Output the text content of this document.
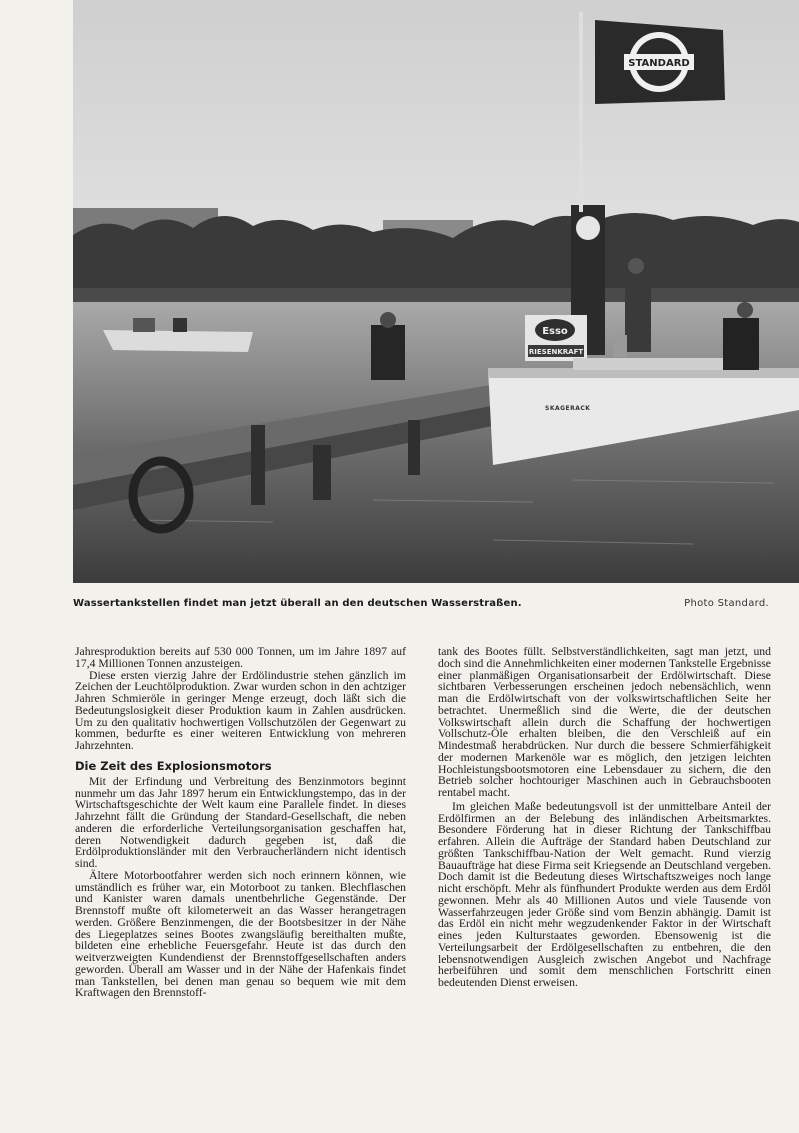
STANDARD
Esso
RIESENKRAFT
SKAGERACK
Wassertankstellen findet man jetzt überall an den deutschen Wasserstraßen.	Photo Standard.

Jahresproduktion bereits auf 530 000 Tonnen, um im Jahre 1897 auf 17,4 Millionen Tonnen anzusteigen.

Diese ersten vierzig Jahre der Erdölindustrie stehen gänzlich im Zeichen der Leuchtölproduktion. Zwar wurden schon in den achtziger Jahren Schmieröle in geringer Menge erzeugt, doch läßt sich die Bedeutungslosigkeit dieser Produktion kaum in Zahlen ausdrücken. Um zu den qualitativ hochwertigen Vollschutzölen der Gegenwart zu kommen, bedurfte es einer weiteren Entwicklung von mehreren Jahrzehnten.

Die Zeit des Explosionsmotors

Mit der Erfindung und Verbreitung des Benzinmotors beginnt nunmehr um das Jahr 1897 herum ein Entwicklungstempo, das in der Wirtschaftsgeschichte der Welt kaum eine Parallele findet. In dieses Jahrzehnt fällt die Gründung der Standard-Gesellschaft, die neben anderen die erforderliche Verteilungsorganisation geschaffen hat, deren Notwendigkeit dadurch gegeben ist, daß die Erdölproduktionsländer mit den Verbraucherländern nicht identisch sind.

Ältere Motorbootfahrer werden sich noch erinnern können, wie umständlich es früher war, ein Motorboot zu tanken. Blechflaschen und Kanister waren damals unentbehrliche Gegenstände. Der Brennstoff mußte oft kilometerweit an das Wasser herangetragen werden. Größere Benzinmengen, die der Bootsbesitzer in der Nähe des Liegeplatzes seines Bootes zwangsläufig bereithalten mußte, bildeten eine erhebliche Feuersgefahr. Heute ist das durch den weitverzweigten Kundendienst der Brennstoffgesellschaften anders geworden. Überall am Wasser und in der Nähe der Hafenkais findet man Tankstellen, bei denen man genau so bequem wie mit dem Kraftwagen den Brennstoff-

tank des Bootes füllt. Selbstverständlichkeiten, sagt man jetzt, und doch sind die Annehmlichkeiten einer modernen Tankstelle Ergebnisse einer planmäßigen Organisationsarbeit der Erdölwirtschaft. Diese sichtbaren Verbesserungen erscheinen jedoch nebensächlich, wenn man die Erdölwirtschaft von der volkswirtschaftlichen Seite her betrachtet. Unermeßlich sind die Werte, die der deutschen Volkswirtschaft allein durch die Schaffung der hochwertigen Vollschutz-Öle erhalten bleiben, die den Verschleiß auf ein Mindestmaß herabdrücken. Nur durch die bessere Schmierfähigkeit der modernen Markenöle war es möglich, den jetzigen leichten Hochleistungsbootsmotoren eine Lebensdauer zu sichern, die den Betrieb solcher hochtouriger Maschinen auch in Gebrauchsbooten rentabel macht.

Im gleichen Maße bedeutungsvoll ist der unmittelbare Anteil der Erdölfirmen an der Belebung des inländischen Arbeitsmarktes. Besondere Förderung hat in dieser Richtung der Tankschiffbau erfahren. Allein die Aufträge der Standard haben Deutschland zur größten Tankschiffbau-Nation der Welt gemacht. Rund vierzig Bauaufträge hat diese Firma seit Kriegsende an Deutschland vergeben. Doch damit ist die Bedeutung dieses Wirtschaftszweiges noch lange nicht erschöpft. Mehr als fünfhundert Produkte werden aus dem Erdöl gewonnen. Mehr als 40 Millionen Autos und viele Tausende von Wasserfahrzeugen jeder Größe sind vom Benzin abhängig. Damit ist das Erdöl ein nicht mehr wegzudenkender Faktor in der Wirtschaft eines jeden Kulturstaates geworden. Ebensowenig ist die Verteilungsarbeit der Erdölgesellschaften zu entbehren, die den lebensnotwendigen Ausgleich zwischen Angebot und Nachfrage herbeiführen und somit dem menschlichen Fortschritt einen bedeutenden Dienst erweisen.
